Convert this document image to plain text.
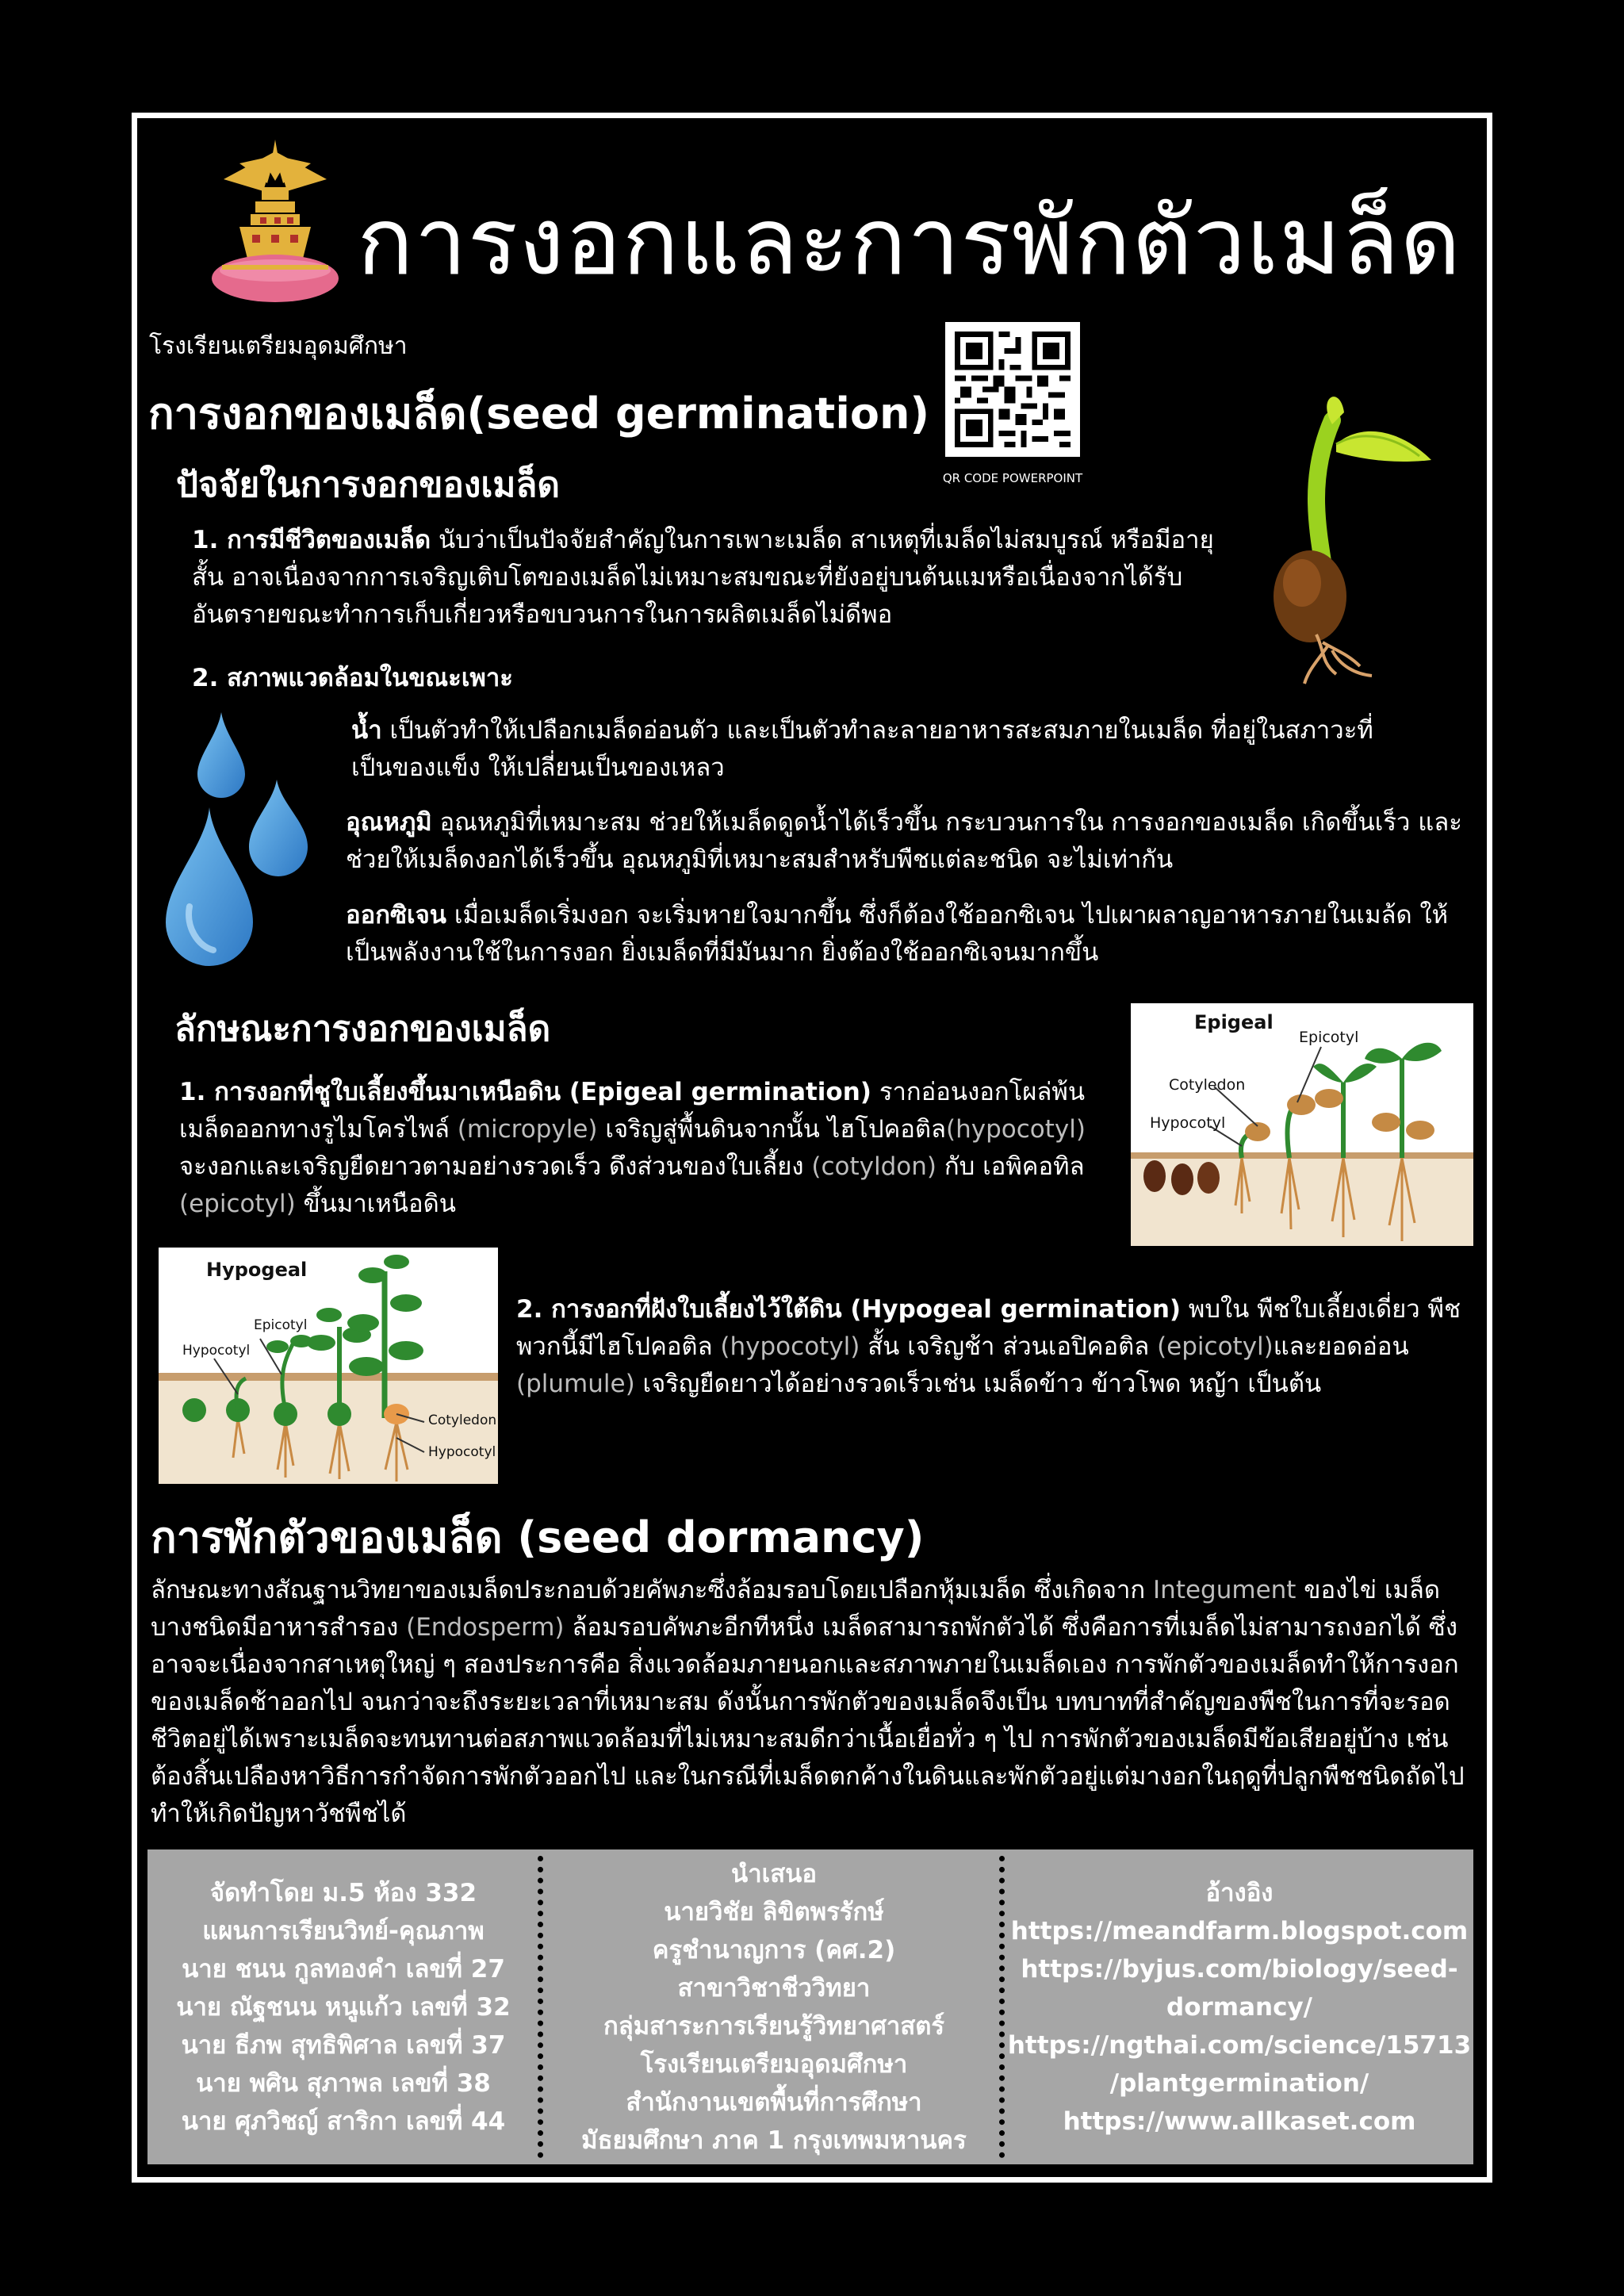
การงอกและการพักตัวเมล็ด
โรงเรียนเตรียมอุดมศึกษา
QR CODE POWERPOINT
การงอกของเมล็ด(seed germination)
ปัจจัยในการงอกของเมล็ด
1. การมีชีวิตของเมล็ด นับว่าเป็นปัจจัยสำคัญในการเพาะเมล็ด สาเหตุที่เมล็ดไม่สมบูรณ์ หรือมีอายุสั้น อาจเนื่องจากการเจริญเติบโตของเมล็ดไม่เหมาะสมขณะที่ยังอยู่บนต้นแมหรือเนื่องจากได้รับอันตรายขณะทำการเก็บเกี่ยวหรือขบวนการในการผลิตเมล็ดไม่ดีพอ
2. สภาพแวดล้อมในขณะเพาะ
น้ำ เป็นตัวทำให้เปลือกเมล็ดอ่อนตัว และเป็นตัวทำละลายอาหารสะสมภายในเมล็ด ที่อยู่ในสภาวะที่เป็นของแข็ง ให้เปลี่ยนเป็นของเหลว
อุณหภูมิ อุณหภูมิที่เหมาะสม ช่วยให้เมล็ดดูดน้ำได้เร็วขึ้น กระบวนการใน การงอกของเมล็ด เกิดขึ้นเร็ว และช่วยให้เมล็ดงอกได้เร็วขึ้น อุณหภูมิที่เหมาะสมสำหรับพืชแต่ละชนิด จะไม่เท่ากัน
ออกซิเจน เมื่อเมล็ดเริ่มงอก จะเริ่มหายใจมากขึ้น ซึ่งก็ต้องใช้ออกซิเจน ไปเผาผลาญอาหารภายในเมล้ด ให้เป็นพลังงานใช้ในการงอก ยิ่งเมล็ดที่มีมันมาก ยิ่งต้องใช้ออกซิเจนมากขึ้น
ลักษณะการงอกของเมล็ด
1. การงอกที่ชูใบเลี้ยงขึ้นมาเหนือดิน (Epigeal germination) รากอ่อนงอกโผล่พ้นเมล็ดออกทางรูไมโครไพล์ (micropyle) เจริญสู่พื้นดินจากนั้น ไฮโปคอติล(hypocotyl) จะงอกและเจริญยืดยาวตามอย่างรวดเร็ว ดึงส่วนของใบเลี้ยง (cotyldon) กับ เอพิคอทิล (epicotyl) ขึ้นมาเหนือดิน
Epigeal
Epicotyl
Cotyledon
Hypocotyl
Hypogeal
Epicotyl
Hypocotyl
Cotyledon
Hypocotyl
2. การงอกที่ฝังใบเลี้ยงไว้ใต้ดิน (Hypogeal germination) พบใน พืชใบเลี้ยงเดี่ยว พืชพวกนี้มีไฮโปคอติล (hypocotyl) สั้น เจริญช้า ส่วนเอปิคอติล (epicotyl)และยอดอ่อน (plumule) เจริญยืดยาวได้อย่างรวดเร็วเช่น เมล็ดข้าว ข้าวโพด หญ้า เป็นต้น
การพักตัวของเมล็ด (seed dormancy)
ลักษณะทางสัณฐานวิทยาของเมล็ดประกอบด้วยคัพภะซึ่งล้อมรอบโดยเปลือกหุ้มเมล็ด ซึ่งเกิดจาก Integument ของไข่ เมล็ดบางชนิดมีอาหารสำรอง (Endosperm) ล้อมรอบคัพภะอีกทีหนึ่ง เมล็ดสามารถพักตัวได้ ซึ่งคือการที่เมล็ดไม่สามารถงอกได้ ซึ่งอาจจะเนื่องจากสาเหตุใหญ่ ๆ สองประการคือ สิ่งแวดล้อมภายนอกและสภาพภายในเมล็ดเอง การพักตัวของเมล็ดทำให้การงอกของเมล็ดช้าออกไป จนกว่าจะถึงระยะเวลาที่เหมาะสม ดังนั้นการพักตัวของเมล็ดจึงเป็น บทบาทที่สำคัญของพืชในการที่จะรอดชีวิตอยู่ได้เพราะเมล็ดจะทนทานต่อสภาพแวดล้อมที่ไม่เหมาะสมดีกว่าเนื้อเยื่อทั่ว ๆ ไป การพักตัวของเมล็ดมีข้อเสียอยู่บ้าง เช่น ต้องสิ้นเปลืองหาวิธีการกำจัดการพักตัวออกไป และในกรณีที่เมล็ดตกค้างในดินและพักตัวอยู่แต่มางอกในฤดูที่ปลูกพืชชนิดถัดไปทำให้เกิดปัญหาวัชพืชได้
จัดทำโดย ม.5 ห้อง 332
แผนการเรียนวิทย์-คุณภาพ
นาย ชนน กูลทองคำ เลขที่ 27
นาย ณัฐชนน หนูแก้ว เลขที่ 32
นาย ธีภพ สุทธิพิศาล เลขที่ 37
นาย พศิน สุภาพล เลขที่ 38
นาย ศุภวิชญ์ สาริกา เลขที่ 44
นำเสนอ
นายวิชัย ลิขิตพรรักษ์
ครูชำนาญการ (คศ.2)
สาขาวิชาชีววิทยา
กลุ่มสาระการเรียนรู้วิทยาศาสตร์
โรงเรียนเตรียมอุดมศึกษา
สำนักงานเขตพื้นที่การศึกษา
มัธยมศึกษา ภาค 1 กรุงเทพมหานคร
อ้างอิง
https://meandfarm.blogspot.com
https://byjus.com/biology/seed-
dormancy/
https://ngthai.com/science/15713
/plantgermination/
https://www.allkaset.com
